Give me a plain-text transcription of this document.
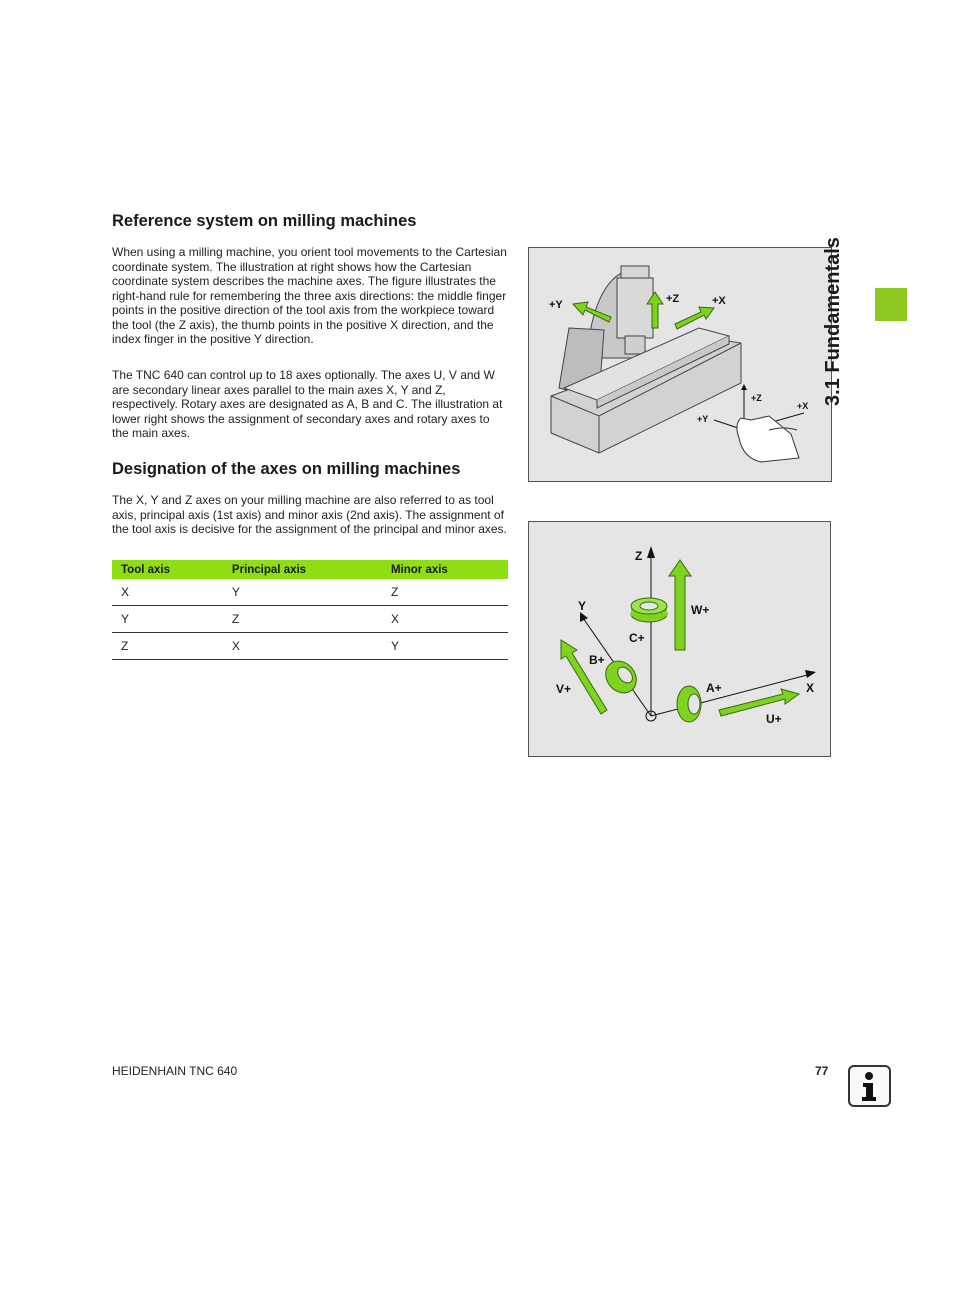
Reference system on milling machines

When using a milling machine, you orient tool movements to the Cartesian coordinate system. The illustration at right shows how the Cartesian coordinate system describes the machine axes. The figure illustrates the right-hand rule for remembering the three axis directions: the middle finger points in the positive direction of the tool axis from the workpiece toward the tool (the Z axis), the thumb points in the positive X direction, and the index finger in the positive Y direction.

The TNC 640 can control up to 18 axes optionally. The axes U, V and W are secondary linear axes parallel to the main axes X, Y and Z, respectively. Rotary axes are designated as A, B and C. The illustration at lower right shows the assignment of secondary axes and rotary axes to the main axes.

Designation of the axes on milling machines

The X, Y and Z axes on your milling machine are also referred to as tool axis, principal axis (1st axis) and minor axis (2nd axis). The assignment of the tool axis is decisive for the assignment of the principal and minor axes.

Tool axis	Principal axis	Minor axis
X	Y	Z
Y	Z	X
Z	X	Y
+Y	+Z	+X
+Z
+X
+Y
Z
Y
X
W+
C+
B+
V+	A+
U+
3.1 Fundamentals
HEIDENHAIN TNC 640	77
